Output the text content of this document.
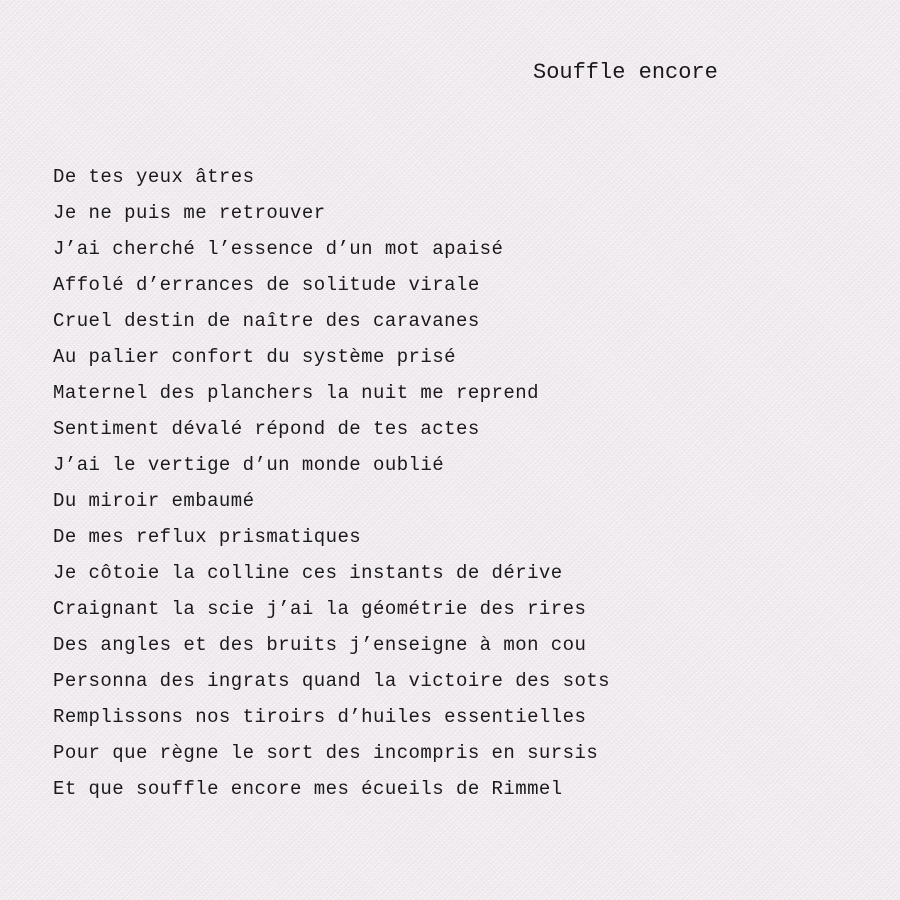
Souffle encore
De tes yeux âtres
Je ne puis me retrouver
J’ai cherché l’essence d’un mot apaisé
Affolé d’errances de solitude virale
Cruel destin de naître des caravanes
Au palier confort du système prisé
Maternel des planchers la nuit me reprend
Sentiment dévalé répond de tes actes
J’ai le vertige d’un monde oublié
Du miroir embaumé
De mes reflux prismatiques
Je côtoie la colline ces instants de dérive
Craignant la scie j’ai la géométrie des rires
Des angles et des bruits j’enseigne à mon cou
Personna des ingrats quand la victoire des sots
Remplissons nos tiroirs d’huiles essentielles
Pour que règne le sort des incompris en sursis
Et que souffle encore mes écueils de Rimmel
